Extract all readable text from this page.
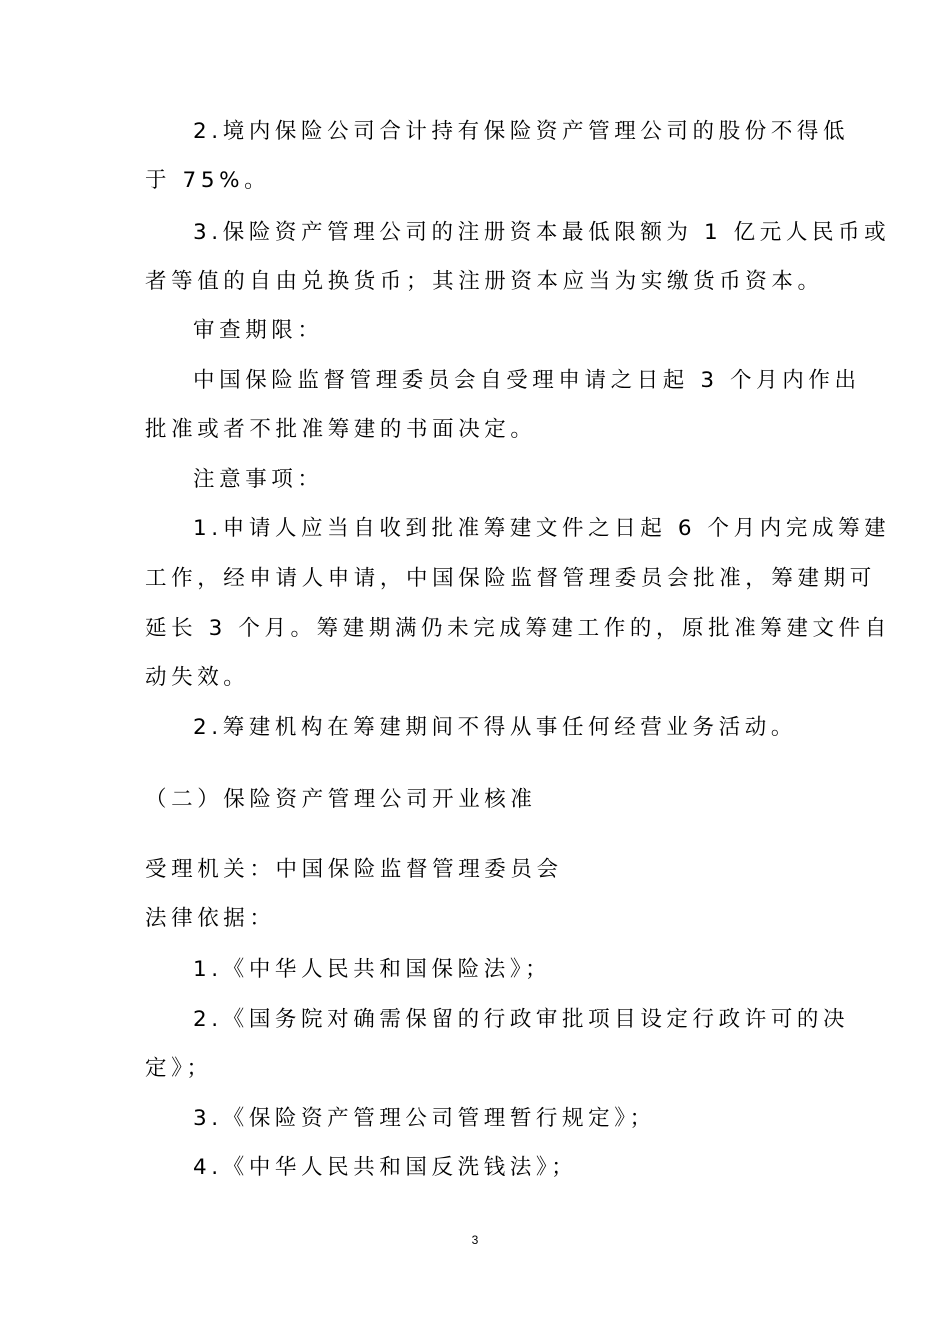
2.境内保险公司合计持有保险资产管理公司的股份不得低
于 75%。
3.保险资产管理公司的注册资本最低限额为 1 亿元人民币或
者等值的自由兑换货币；其注册资本应当为实缴货币资本。
审查期限：
中国保险监督管理委员会自受理申请之日起 3 个月内作出
批准或者不批准筹建的书面决定。
注意事项：
1.申请人应当自收到批准筹建文件之日起 6 个月内完成筹建
工作，经申请人申请，中国保险监督管理委员会批准，筹建期可
延长 3 个月。筹建期满仍未完成筹建工作的，原批准筹建文件自
动失效。
2.筹建机构在筹建期间不得从事任何经营业务活动。
（二）保险资产管理公司开业核准
受理机关：中国保险监督管理委员会
法律依据：
1.《中华人民共和国保险法》；
2.《国务院对确需保留的行政审批项目设定行政许可的决
定》；
3.《保险资产管理公司管理暂行规定》；
4.《中华人民共和国反洗钱法》；
3
